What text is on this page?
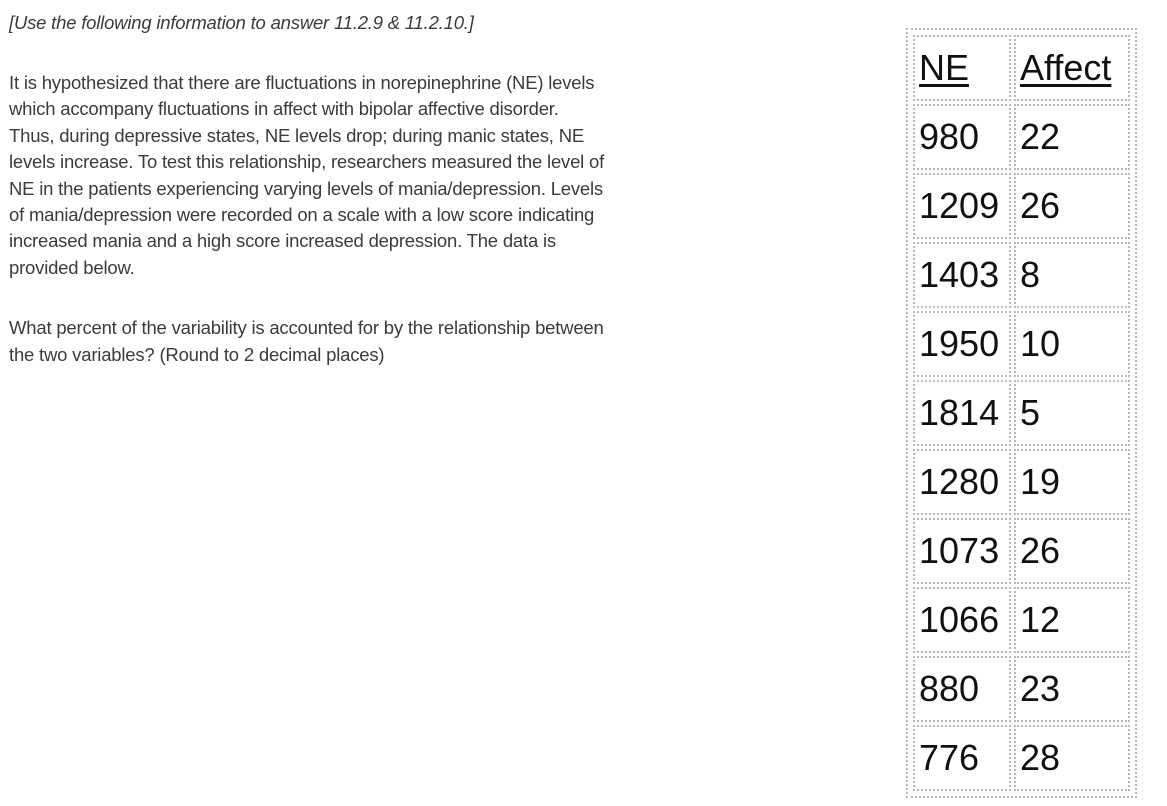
[Use the following information to answer 11.2.9 & 11.2.10.]

It is hypothesized that there are fluctuations in norepinephrine (NE) levels
which accompany fluctuations in affect with bipolar affective disorder.
Thus, during depressive states, NE levels drop; during manic states, NE
levels increase. To test this relationship, researchers measured the level of
NE in the patients experiencing varying levels of mania/depression. Levels
of mania/depression were recorded on a scale with a low score indicating
increased mania and a high score increased depression. The data is
provided below.

What percent of the variability is accounted for by the relationship between
the two variables? (Round to 2 decimal places)

NE	Affect
980	22
1209	26
1403	8
1950	10
1814	5
1280	19
1073	26
1066	12
880	23
776	28
